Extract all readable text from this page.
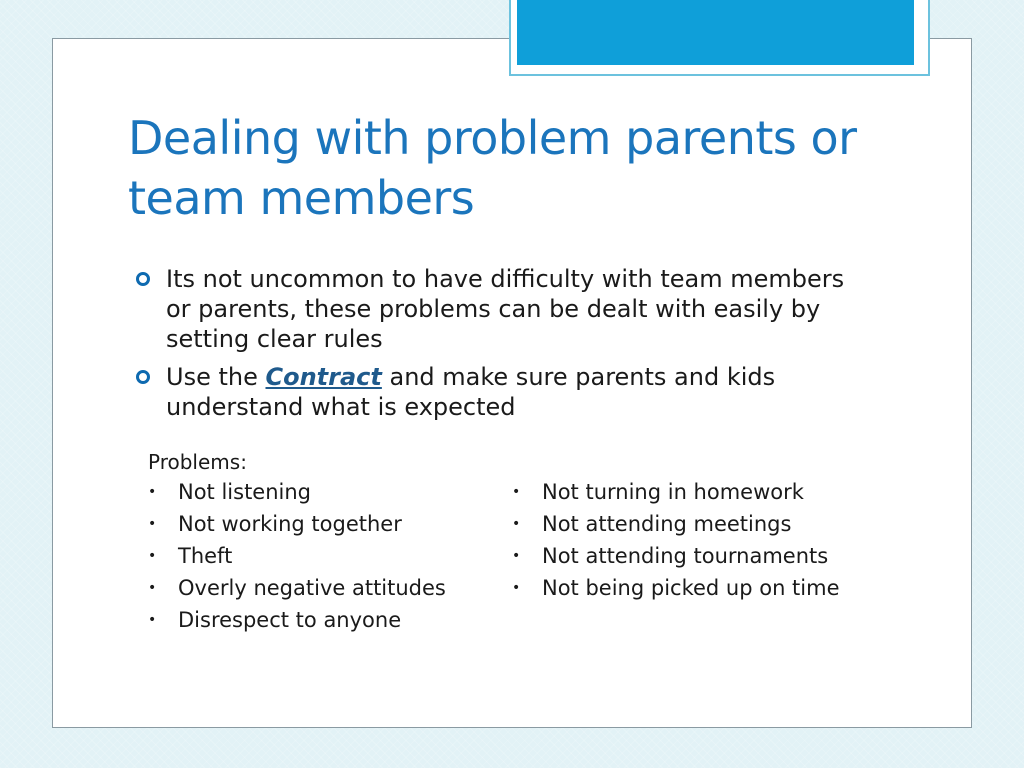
Dealing with problem parents or team members
Its not uncommon to have difficulty with team members or parents, these problems can be dealt with easily by setting clear rules
Use the Contract and make sure parents and kids understand what is expected

Problems:

• Not listening
• Not working together
• Theft
• Overly negative attitudes
• Disrespect to anyone
• Not turning in homework
• Not attending meetings
• Not attending tournaments
• Not being picked up on time
